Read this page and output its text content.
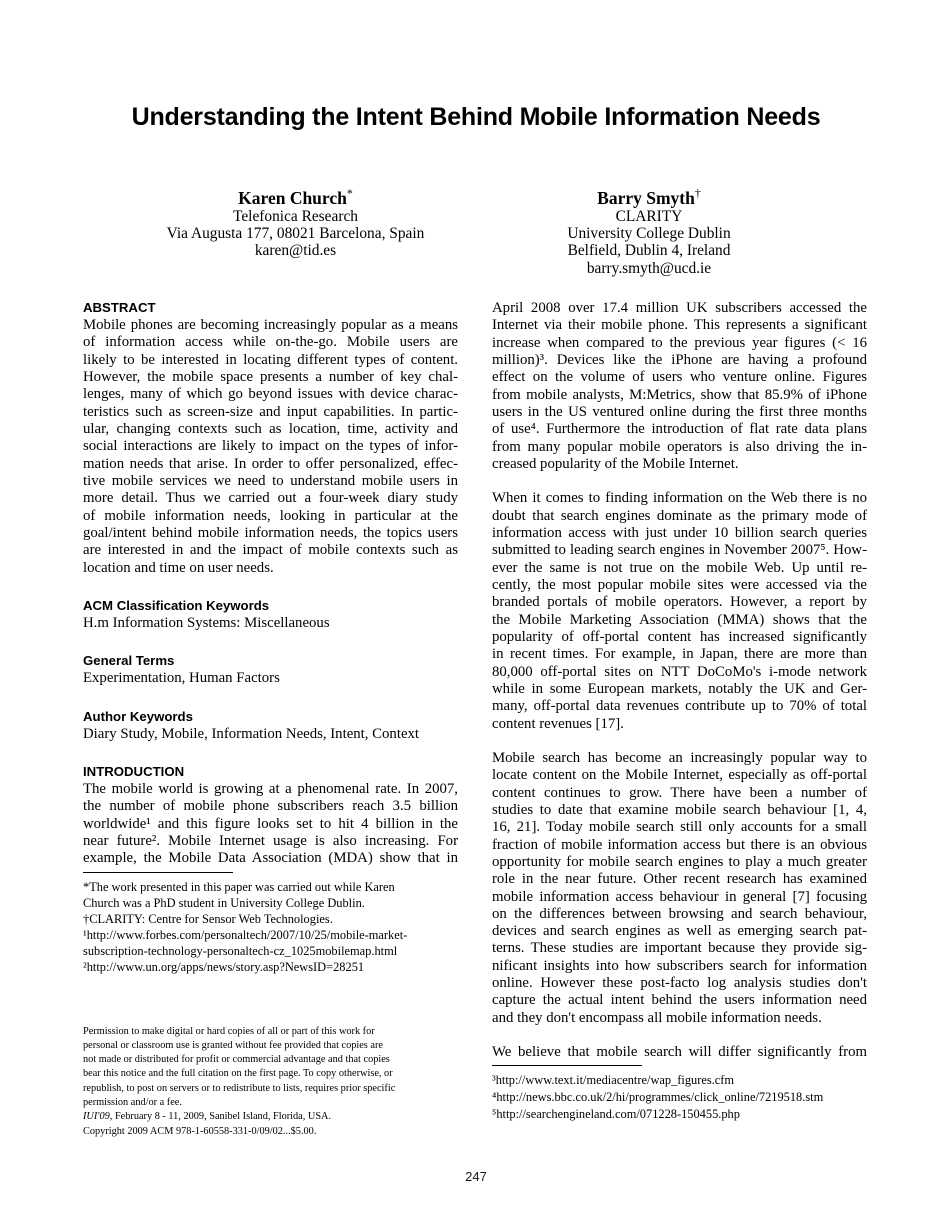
Understanding the Intent Behind Mobile Information Needs
Karen Church*
Telefonica Research
Via Augusta 177, 08021 Barcelona, Spain
karen@tid.es
Barry Smyth†
CLARITY
University College Dublin
Belfield, Dublin 4, Ireland
barry.smyth@ucd.ie
ABSTRACT
Mobile phones are becoming increasingly popular as a means
of information access while on-the-go. Mobile users are
likely to be interested in locating different types of content.
However, the mobile space presents a number of key chal-
lenges, many of which go beyond issues with device charac-
teristics such as screen-size and input capabilities. In partic-
ular, changing contexts such as location, time, activity and
social interactions are likely to impact on the types of infor-
mation needs that arise. In order to offer personalized, effec-
tive mobile services we need to understand mobile users in
more detail. Thus we carried out a four-week diary study
of mobile information needs, looking in particular at the
goal/intent behind mobile information needs, the topics users
are interested in and the impact of mobile contexts such as
location and time on user needs.
ACM Classification Keywords
H.m Information Systems: Miscellaneous
General Terms
Experimentation, Human Factors
Author Keywords
Diary Study, Mobile, Information Needs, Intent, Context
INTRODUCTION
The mobile world is growing at a phenomenal rate. In 2007,
the number of mobile phone subscribers reach 3.5 billion
worldwide¹ and this figure looks set to hit 4 billion in the
near future². Mobile Internet usage is also increasing. For
example, the Mobile Data Association (MDA) show that in
*The work presented in this paper was carried out while Karen
Church was a PhD student in University College Dublin.
†CLARITY: Centre for Sensor Web Technologies.
¹http://www.forbes.com/personaltech/2007/10/25/mobile-market-
subscription-technology-personaltech-cz_1025mobilemap.html
²http://www.un.org/apps/news/story.asp?NewsID=28251
Permission to make digital or hard copies of all or part of this work for
personal or classroom use is granted without fee provided that copies are
not made or distributed for profit or commercial advantage and that copies
bear this notice and the full citation on the first page. To copy otherwise, or
republish, to post on servers or to redistribute to lists, requires prior specific
permission and/or a fee.
IUI'09, February 8 - 11, 2009, Sanibel Island, Florida, USA.
Copyright 2009 ACM 978-1-60558-331-0/09/02...$5.00.
April 2008 over 17.4 million UK subscribers accessed the
Internet via their mobile phone. This represents a significant
increase when compared to the previous year figures (< 16
million)³. Devices like the iPhone are having a profound
effect on the volume of users who venture online. Figures
from mobile analysts, M:Metrics, show that 85.9% of iPhone
users in the US ventured online during the first three months
of use⁴. Furthermore the introduction of flat rate data plans
from many popular mobile operators is also driving the in-
creased popularity of the Mobile Internet.
When it comes to finding information on the Web there is no
doubt that search engines dominate as the primary mode of
information access with just under 10 billion search queries
submitted to leading search engines in November 2007⁵. How-
ever the same is not true on the mobile Web. Up until re-
cently, the most popular mobile sites were accessed via the
branded portals of mobile operators. However, a report by
the Mobile Marketing Association (MMA) shows that the
popularity of off-portal content has increased significantly
in recent times. For example, in Japan, there are more than
80,000 off-portal sites on NTT DoCoMo's i-mode network
while in some European markets, notably the UK and Ger-
many, off-portal data revenues contribute up to 70% of total
content revenues [17].
Mobile search has become an increasingly popular way to
locate content on the Mobile Internet, especially as off-portal
content continues to grow. There have been a number of
studies to date that examine mobile search behaviour [1, 4,
16, 21]. Today mobile search still only accounts for a small
fraction of mobile information access but there is an obvious
opportunity for mobile search engines to play a much greater
role in the near future. Other recent research has examined
mobile information access behaviour in general [7] focusing
on the differences between browsing and search behaviour,
devices and search engines as well as emerging search pat-
terns. These studies are important because they provide sig-
nificant insights into how subscribers search for information
online. However these post-facto log analysis studies don't
capture the actual intent behind the users information need
and they don't encompass all mobile information needs.
We believe that mobile search will differ significantly from
³http://www.text.it/mediacentre/wap_figures.cfm
⁴http://news.bbc.co.uk/2/hi/programmes/click_online/7219518.stm
⁵http://searchengineland.com/071228-150455.php
247
